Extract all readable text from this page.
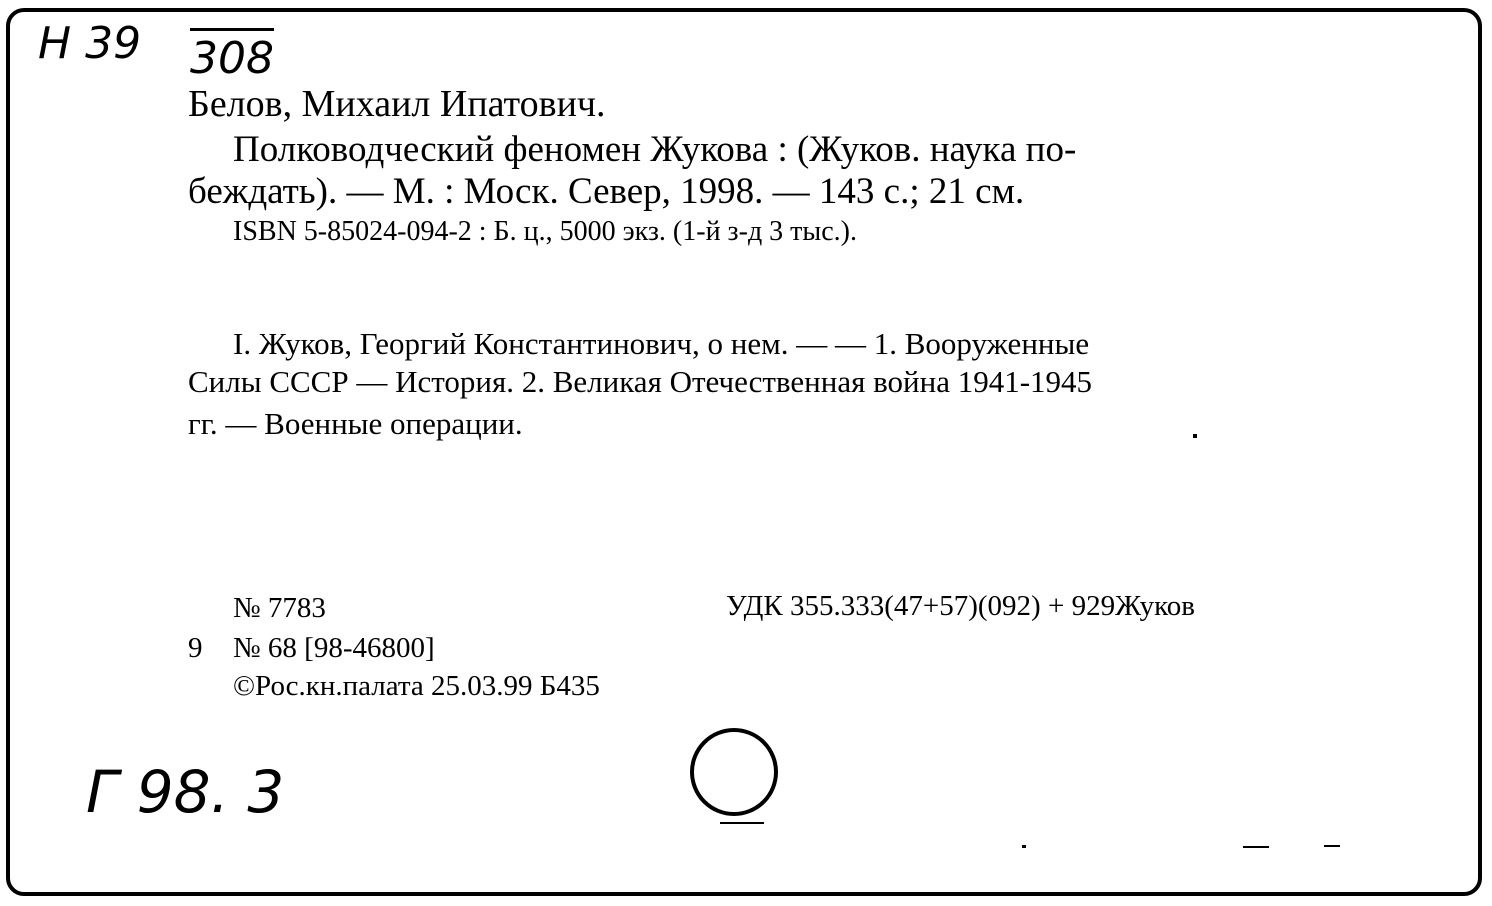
Н 39 308
Белов, Михаил Ипатович.
Полководческий феномен Жукова : (Жуков. наука по-
беждать). — М. : Моск. Север, 1998. — 143 с.; 21 см.
ISBN 5-85024-094-2 : Б. ц., 5000 экз. (1-й з-д 3 тыс.).
I. Жуков, Георгий Константинович, о нем. — — 1. Вооруженные
Силы СССР — История. 2. Великая Отечественная война 1941-1945
гг. — Военные операции.
№ 7783	УДК 355.333(47+57)(092) + 929Жуков
9 № 68 [98-46800]
©Рос.кн.палата 25.03.99 Б435
Г 98. 3
